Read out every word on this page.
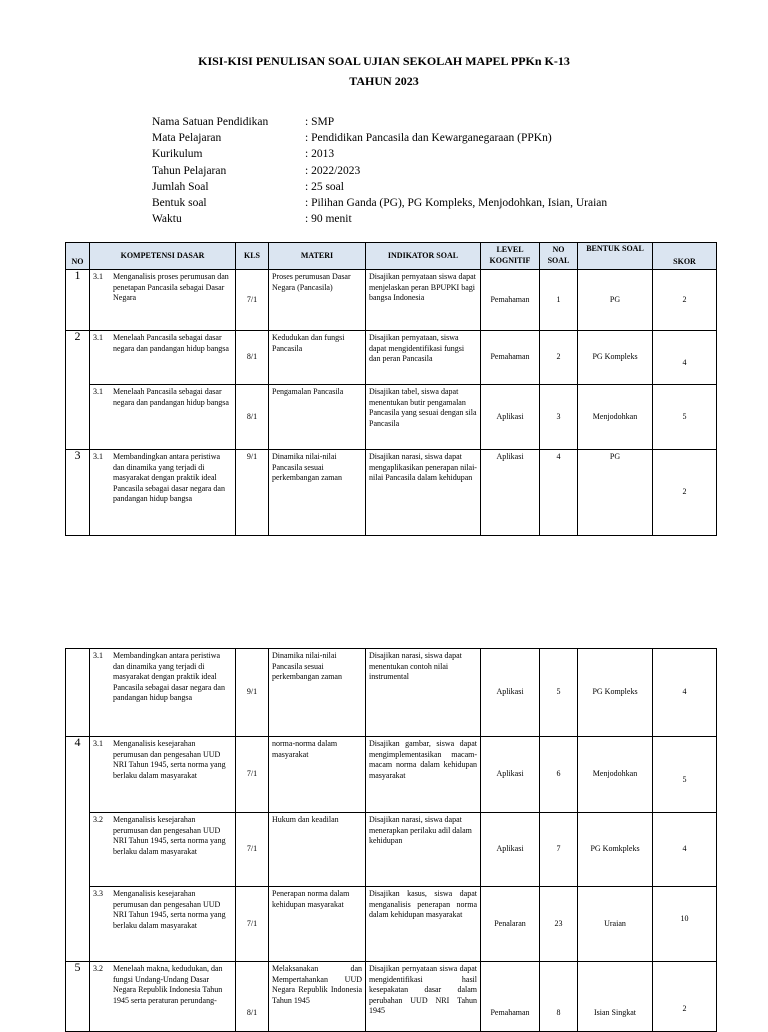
KISI-KISI PENULISAN SOAL UJIAN SEKOLAH MAPEL PPKn K-13
TAHUN 2023
Nama Satuan Pendidikan	: SMP
Mata Pelajaran	: Pendidikan Pancasila dan Kewarganegaraan (PPKn)
Kurikulum	: 2013
Tahun Pelajaran	: 2022/2023
Jumlah Soal	: 25 soal
Bentuk soal	: Pilihan Ganda (PG), PG Kompleks, Menjodohkan, Isian, Uraian
Waktu	: 90 menit
NO	KOMPETENSI DASAR	KLS	MATERI	INDIKATOR SOAL	LEVEL KOGNITIF	NO SOAL	BENTUK SOAL	SKOR
1	3.1 Menganalisis proses perumusan dan penetapan Pancasila sebagai Dasar Negara	7/1	Proses perumusan Dasar Negara (Pancasila)	Disajikan pernyataan siswa dapat menjelaskan peran BPUPKI bagi bangsa Indonesia	Pemahaman	1	PG	2
2	3.1 Menelaah Pancasila sebagai dasar negara dan pandangan hidup bangsa	8/1	Kedudukan dan fungsi Pancasila	Disajikan pernyataan, siswa dapat mengidentifikasi fungsi dan peran Pancasila	Pemahaman	2	PG Kompleks	4

	3.1 Menelaah Pancasila sebagai dasar negara dan pandangan hidup bangsa	8/1	Pengamalan Pancasila	Disajikan tabel, siswa dapat menentukan butir pengamalan Pancasila yang sesuai dengan sila Pancasila	Aplikasi	3	Menjodohkan	5
3	3.1 Membandingkan antara peristiwa dan dinamika yang terjadi di masyarakat dengan praktik ideal Pancasila sebagai dasar negara dan pandangan hidup bangsa	9/1	Dinamika nilai-nilai Pancasila sesuai perkembangan zaman	Disajikan narasi, siswa dapat mengaplikasikan penerapan nilai-nilai Pancasila dalam kehidupan	Aplikasi	4	PG	2

	3.1 Membandingkan antara peristiwa dan dinamika yang terjadi di masyarakat dengan praktik ideal Pancasila sebagai dasar negara dan pandangan hidup bangsa	9/1	Dinamika nilai-nilai Pancasila sesuai perkembangan zaman	Disajikan narasi, siswa dapat menentukan contoh nilai instrumental	Aplikasi	5	PG Kompleks	4
4	3.1 Menganalisis kesejarahan perumusan dan pengesahan UUD NRI Tahun 1945, serta norma yang berlaku dalam masyarakat	7/1	norma-norma dalam masyarakat	Disajikan gambar, siswa dapat mengimplementasikan macam-macam norma dalam kehidupan masyarakat	Aplikasi	6	Menjodohkan	5

	3.2 Menganalisis kesejarahan perumusan dan pengesahan UUD NRI Tahun 1945, serta norma yang berlaku dalam masyarakat	7/1	Hukum dan keadilan	Disajikan narasi, siswa dapat menerapkan perilaku adil dalam kehidupan	Aplikasi	7	PG Komkpleks	4

	3.3 Menganalisis kesejarahan perumusan dan pengesahan UUD NRI Tahun 1945, serta norma yang berlaku dalam masyarakat	7/1	Penerapan norma dalam kehidupan masyarakat	Disajikan kasus, siswa dapat menganalisis penerapan norma dalam kehidupan masyarakat	Penalaran	23	Uraian	10
5	3.2 Menelaah makna, kedudukan, dan fungsi Undang-Undang Dasar Negara Republik Indonesia Tahun 1945 serta peraturan perundang-	8/1	Melaksanakan dan Mempertahankan UUD Negara Republik Indonesia Tahun 1945	Disajikan pernyataan siswa dapat mengidentifikasi hasil kesepakatan dasar dalam perubahan UUD NRI Tahun 1945	Pemahaman	8	Isian Singkat	2
